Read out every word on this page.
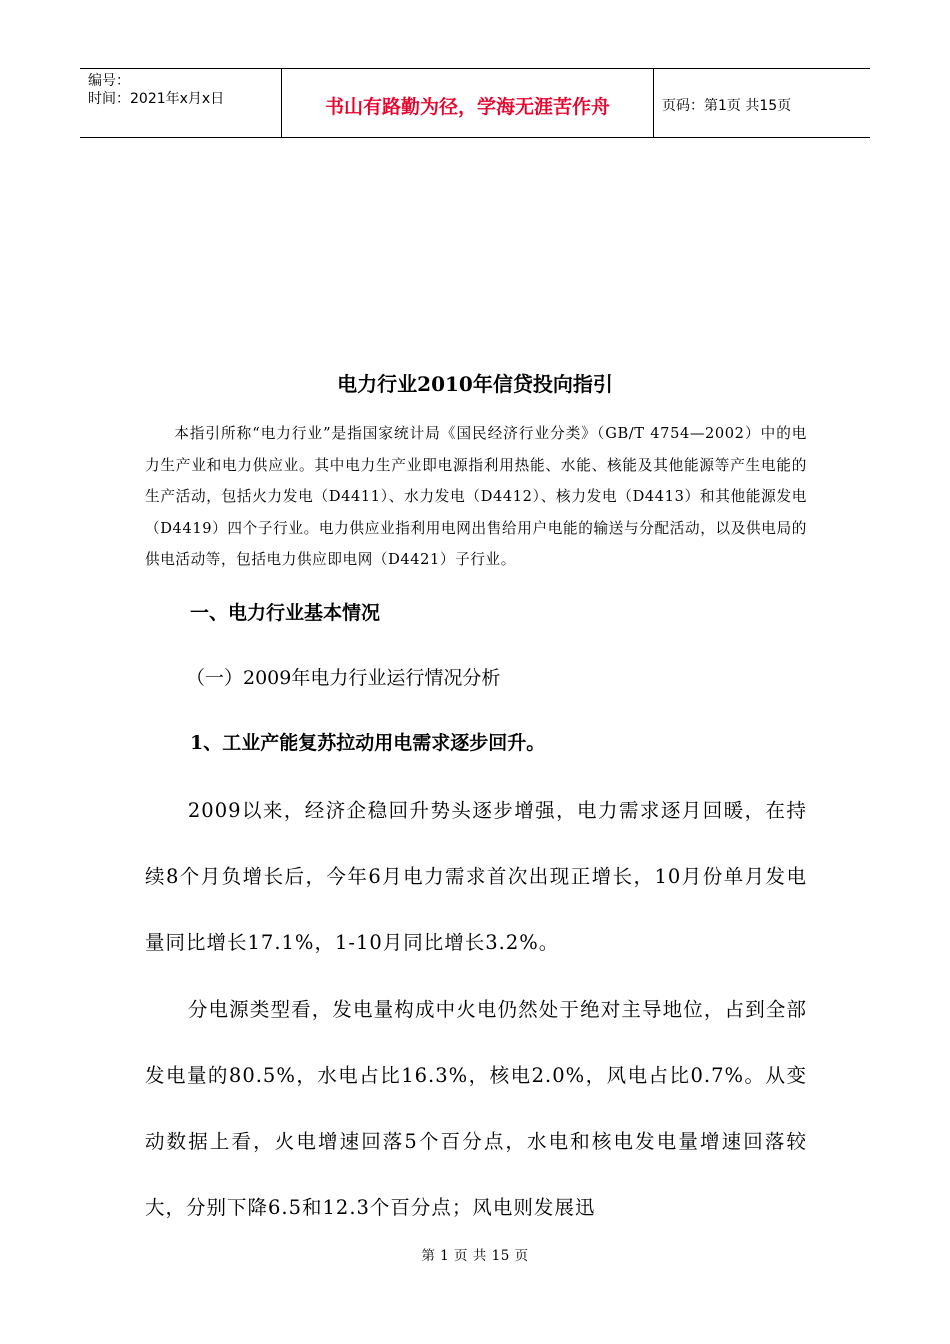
编号：
时间：2021年x月x日	书山有路勤为径，学海无涯苦作舟	页码：第1页 共15页
电力行业2010年信贷投向指引

本指引所称“电力行业”是指国家统计局《国民经济行业分类》（GB/T 4754—2002）中的电力生产业和电力供应业。其中电力生产业即电源指利用热能、水能、核能及其他能源等产生电能的生产活动，包括火力发电（D4411）、水力发电（D4412）、核力发电（D4413）和其他能源发电（D4419）四个子行业。电力供应业指利用电网出售给用户电能的输送与分配活动，以及供电局的供电活动等，包括电力供应即电网（D4421）子行业。

一、电力行业基本情况
（一）2009年电力行业运行情况分析
1、工业产能复苏拉动用电需求逐步回升。

2009以来，经济企稳回升势头逐步增强，电力需求逐月回暖，在持续8个月负增长后，今年6月电力需求首次出现正增长，10月份单月发电量同比增长17.1%，1-10月同比增长3.2%。

分电源类型看，发电量构成中火电仍然处于绝对主导地位，占到全部发电量的80.5%，水电占比16.3%，核电2.0%，风电占比0.7%。从变动数据上看，火电增速回落5个百分点，水电和核电发电量增速回落较大，分别下降6.5和12.3个百分点；风电则发展迅

第 1 页 共 15 页
